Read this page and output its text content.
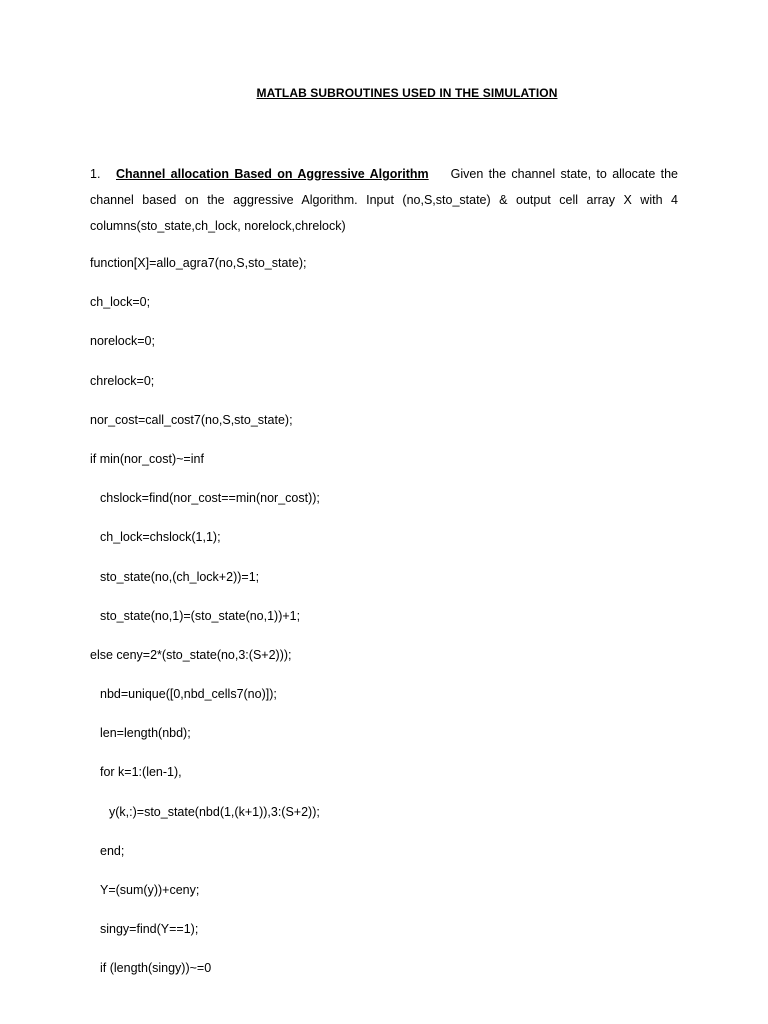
MATLAB SUBROUTINES USED IN THE SIMULATION
1. Channel allocation Based on Aggressive Algorithm Given the channel state, to allocate the channel based on the aggressive Algorithm. Input (no,S,sto_state) & output cell array X with 4 columns(sto_state,ch_lock, norelock,chrelock)
function[X]=allo_agra7(no,S,sto_state);
ch_lock=0;
norelock=0;
chrelock=0;
nor_cost=call_cost7(no,S,sto_state);
if min(nor_cost)~=inf
chslock=find(nor_cost==min(nor_cost));
ch_lock=chslock(1,1);
sto_state(no,(ch_lock+2))=1;
sto_state(no,1)=(sto_state(no,1))+1;
else ceny=2*(sto_state(no,3:(S+2)));
nbd=unique([0,nbd_cells7(no)]);
len=length(nbd);
for k=1:(len-1),
y(k,:)=sto_state(nbd(1,(k+1)),3:(S+2));
end;
Y=(sum(y))+ceny;
singy=find(Y==1);
if (length(singy))~=0
